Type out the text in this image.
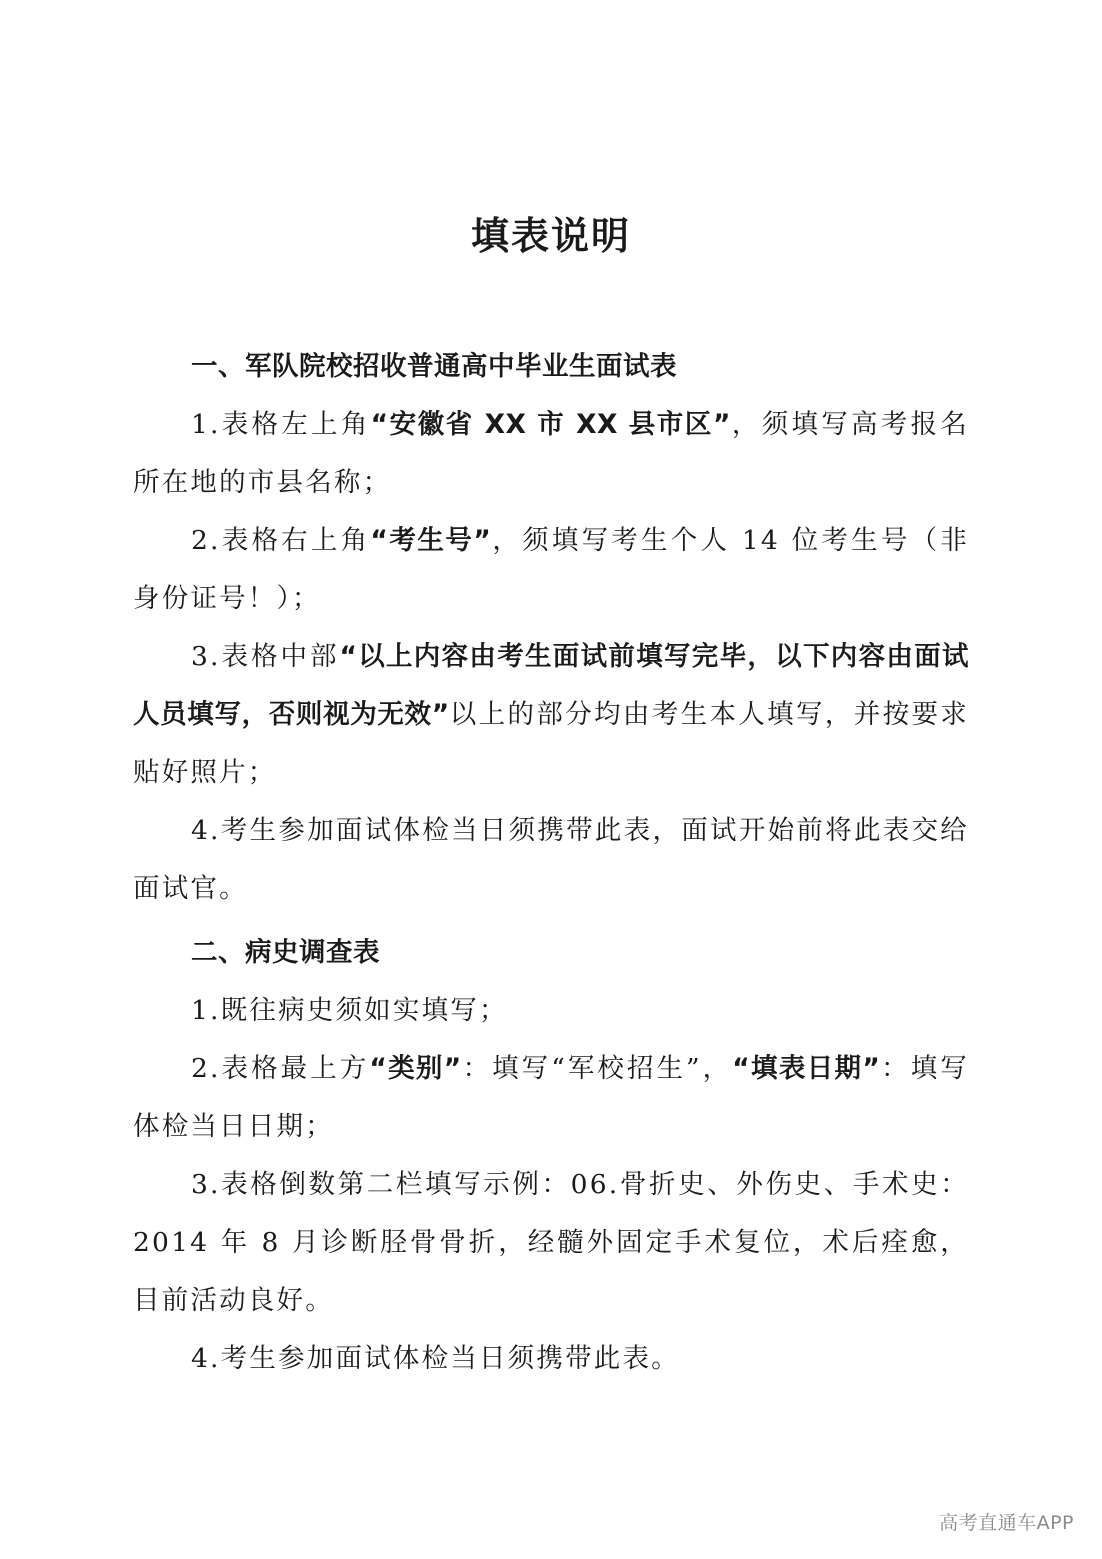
填表说明
一、军队院校招收普通高中毕业生面试表

1.表格左上角“安徽省 XX 市 XX 县市区”，须填写高考报名所在地的市县名称；

2.表格右上角“考生号”，须填写考生个人 14 位考生号（非身份证号！）；

3.表格中部“以上内容由考生面试前填写完毕，以下内容由面试人员填写，否则视为无效”以上的部分均由考生本人填写，并按要求贴好照片；

4.考生参加面试体检当日须携带此表，面试开始前将此表交给面试官。

二、病史调查表

1.既往病史须如实填写；

2.表格最上方“类别”：填写“军校招生”，“填表日期”：填写体检当日日期；

3.表格倒数第二栏填写示例：06.骨折史、外伤史、手术史：2014 年 8 月诊断胫骨骨折，经髓外固定手术复位，术后痊愈，目前活动良好。

4.考生参加面试体检当日须携带此表。

高考直通车APP
